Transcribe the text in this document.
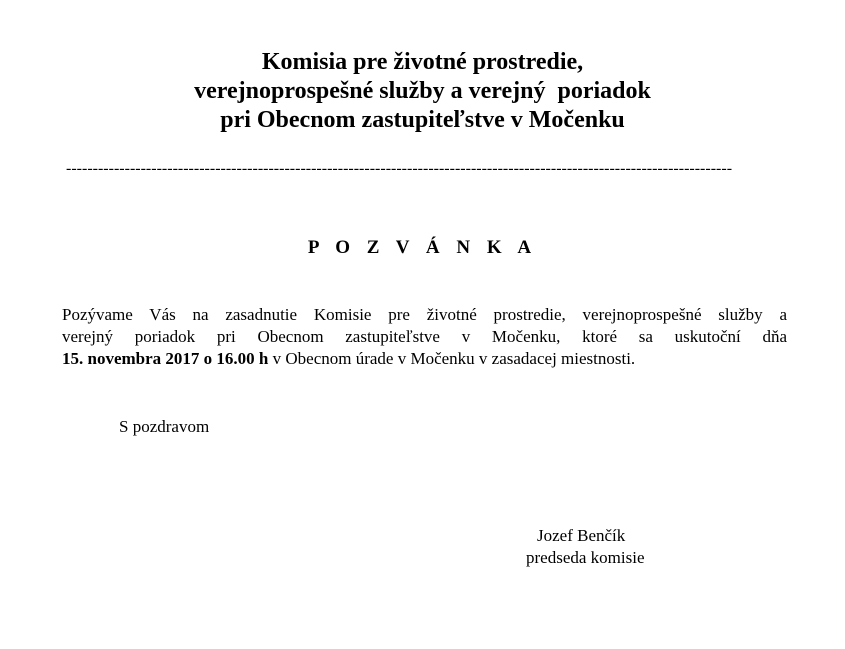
Komisia pre životné prostredie,
verejnoprospešné služby a verejný  poriadok
pri Obecnom zastupiteľstve v Močenku
-----------------------------------------------------------------------------------------------------------------------------
P O Z V Á N K A
Pozývame Vás na zasadnutie Komisie pre životné prostredie, verejnoprospešné služby a
verejný poriadok pri Obecnom zastupiteľstve v Močenku, ktoré sa uskutoční dňa
15. novembra 2017 o 16.00 h v Obecnom úrade v Močenku v zasadacej miestnosti.
S pozdravom
Jozef Benčík
predseda komisie
